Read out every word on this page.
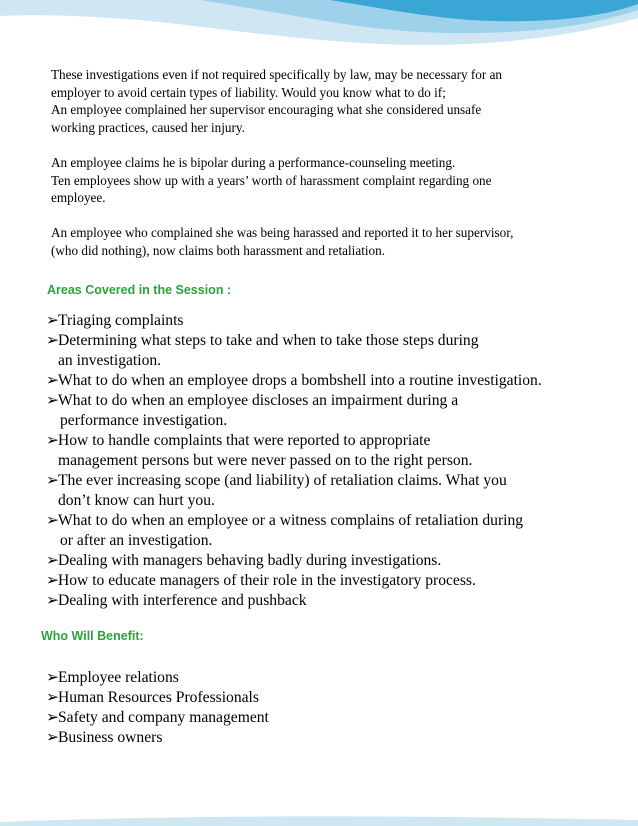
These investigations even if not required specifically by law, may be necessary for an

employer to avoid certain types of liability. Would you know what to do if;

An employee complained her supervisor encouraging what she considered unsafe

working practices, caused her injury.

An employee claims he is bipolar during a performance-counseling meeting.

Ten employees show up with a years’ worth of harassment complaint regarding one

employee.

An employee who complained she was being harassed and reported it to her supervisor,

(who did nothing), now claims both harassment and retaliation.

Areas Covered in the Session :
➢Triaging complaints
➢Determining what steps to take and when to take those steps during
an investigation.
➢What to do when an employee drops a bombshell into a routine investigation.
➢What to do when an employee discloses an impairment during a
performance investigation.
➢How to handle complaints that were reported to appropriate
management persons but were never passed on to the right person.
➢The ever increasing scope (and liability) of retaliation claims. What you
don’t know can hurt you.
➢What to do when an employee or a witness complains of retaliation during
or after an investigation.
➢Dealing with managers behaving badly during investigations.
➢How to educate managers of their role in the investigatory process.
➢Dealing with interference and pushback
Who Will Benefit:
➢Employee relations
➢Human Resources Professionals
➢Safety and company management
➢Business owners
